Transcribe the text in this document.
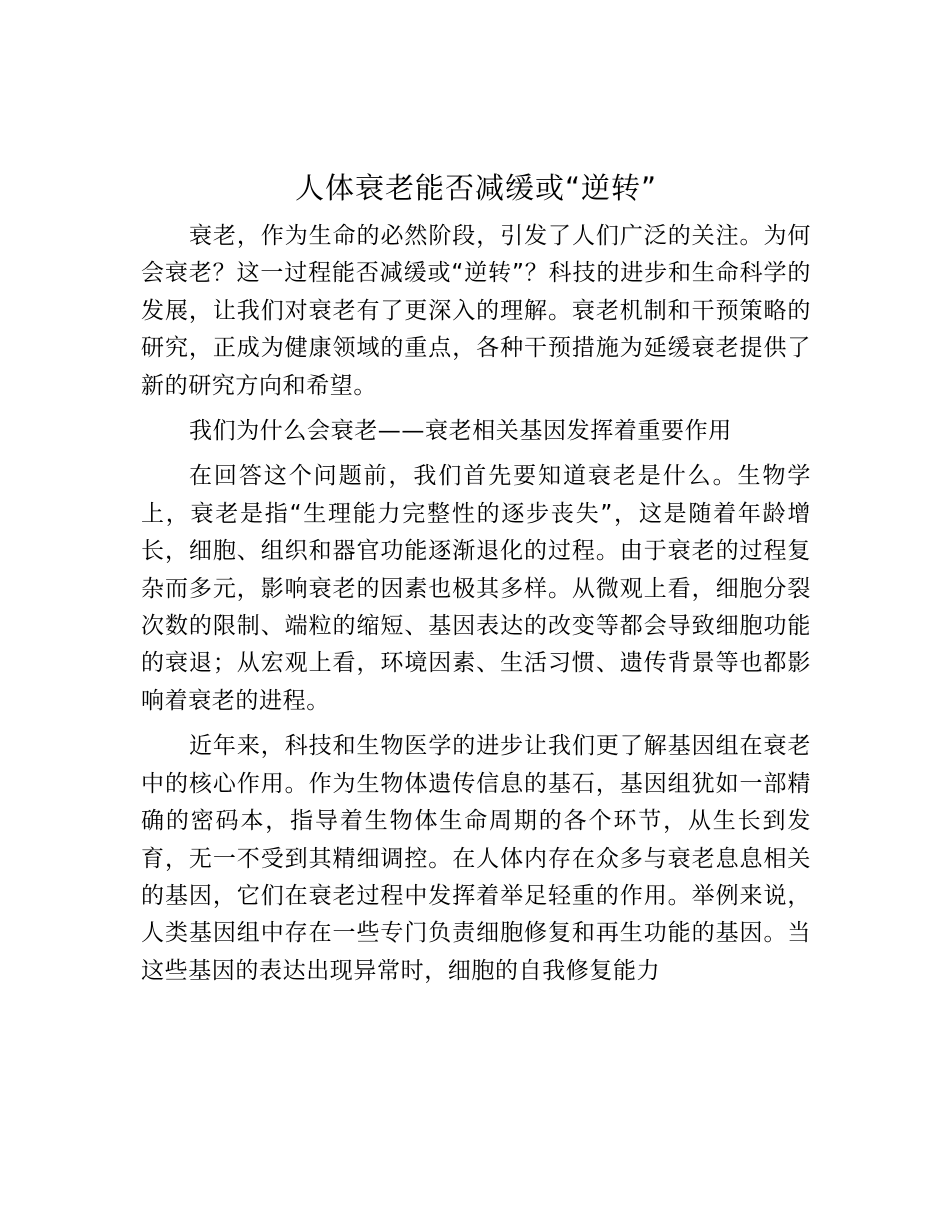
人体衰老能否减缓或“逆转”

衰老，作为生命的必然阶段，引发了人们广泛的关注。为何会衰老？这一过程能否减缓或“逆转”？科技的进步和生命科学的发展，让我们对衰老有了更深入的理解。衰老机制和干预策略的研究，正成为健康领域的重点，各种干预措施为延缓衰老提供了新的研究方向和希望。

我们为什么会衰老——衰老相关基因发挥着重要作用

在回答这个问题前，我们首先要知道衰老是什么。生物学上，衰老是指“生理能力完整性的逐步丧失”，这是随着年龄增长，细胞、组织和器官功能逐渐退化的过程。由于衰老的过程复杂而多元，影响衰老的因素也极其多样。从微观上看，细胞分裂次数的限制、端粒的缩短、基因表达的改变等都会导致细胞功能的衰退；从宏观上看，环境因素、生活习惯、遗传背景等也都影响着衰老的进程。

近年来，科技和生物医学的进步让我们更了解基因组在衰老中的核心作用。作为生物体遗传信息的基石，基因组犹如一部精确的密码本，指导着生物体生命周期的各个环节，从生长到发育，无一不受到其精细调控。在人体内存在众多与衰老息息相关的基因，它们在衰老过程中发挥着举足轻重的作用。举例来说，人类基因组中存在一些专门负责细胞修复和再生功能的基因。当这些基因的表达出现异常时，细胞的自我修复能力
